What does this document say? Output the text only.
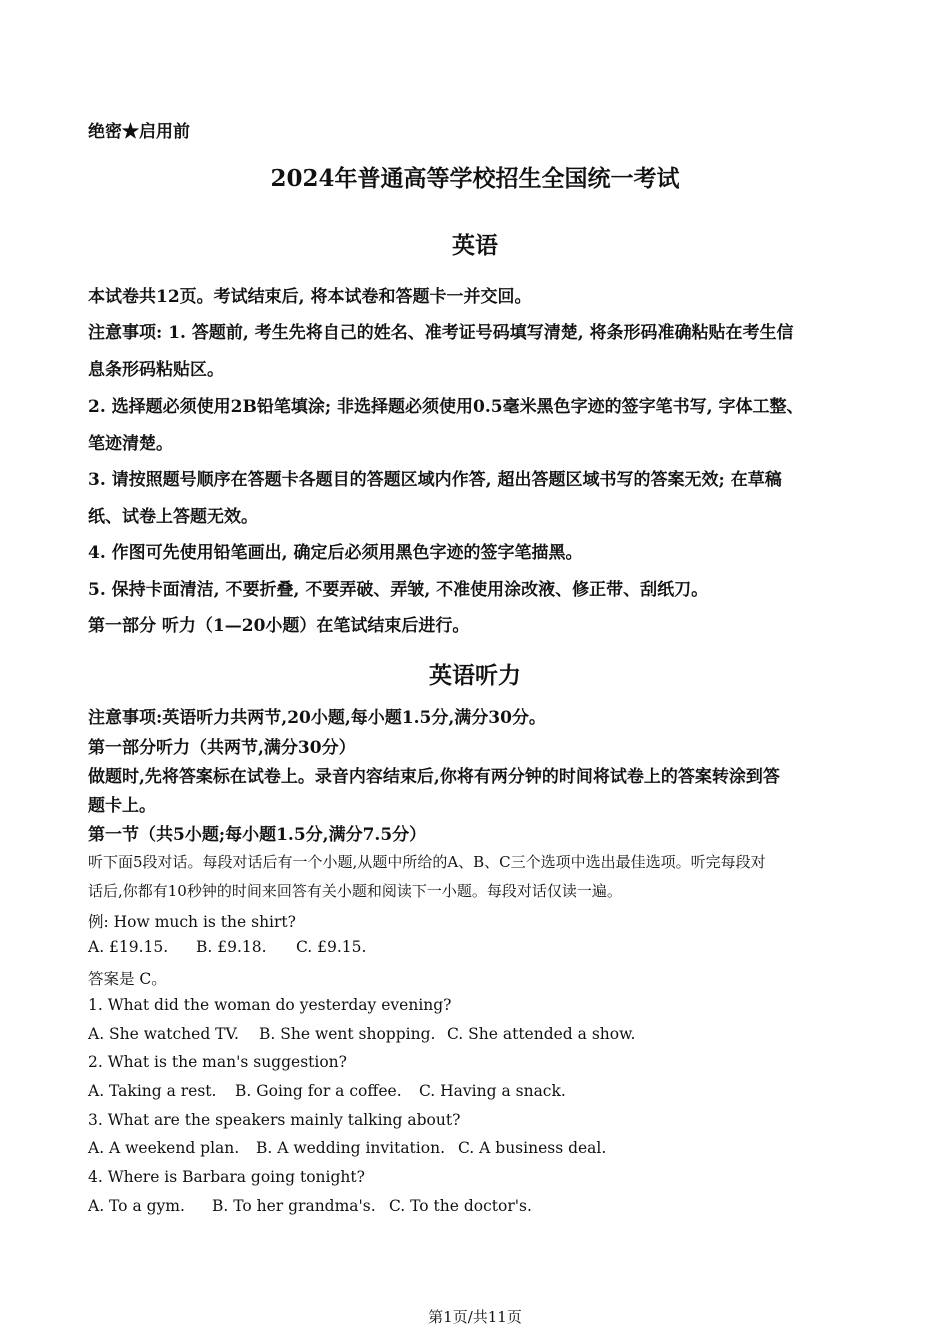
绝密★启用前
2024年普通高等学校招生全国统一考试
英语
本试卷共12页。考试结束后, 将本试卷和答题卡一并交回。
注意事项: 1. 答题前, 考生先将自己的姓名、准考证号码填写清楚, 将条形码准确粘贴在考生信
息条形码粘贴区。
2. 选择题必须使用2B铅笔填涂; 非选择题必须使用0.5毫米黑色字迹的签字笔书写, 字体工整、
笔迹清楚。
3. 请按照题号顺序在答题卡各题目的答题区域内作答, 超出答题区域书写的答案无效; 在草稿
纸、试卷上答题无效。
4. 作图可先使用铅笔画出, 确定后必须用黑色字迹的签字笔描黑。
5. 保持卡面清洁, 不要折叠, 不要弄破、弄皱, 不准使用涂改液、修正带、刮纸刀。
第一部分 听力（1—20小题）在笔试结束后进行。
英语听力
注意事项:英语听力共两节,20小题,每小题1.5分,满分30分。
第一部分听力（共两节,满分30分）
做题时,先将答案标在试卷上。录音内容结束后,你将有两分钟的时间将试卷上的答案转涂到答
题卡上。
第一节（共5小题;每小题1.5分,满分7.5分）
听下面5段对话。每段对话后有一个小题,从题中所给的A、B、C三个选项中选出最佳选项。听完每段对
话后,你都有10秒钟的时间来回答有关小题和阅读下一小题。每段对话仅读一遍。
例: How much is the shirt?
A. £19.15. B. £9.18. C. £9.15.
答案是 C。
1. What did the woman do yesterday evening?
A. She watched TV. B. She went shopping. C. She attended a show.
2. What is the man's suggestion?
A. Taking a rest. B. Going for a coffee. C. Having a snack.
3. What are the speakers mainly talking about?
A. A weekend plan. B. A wedding invitation. C. A business deal.
4. Where is Barbara going tonight?
A. To a gym. B. To her grandma's. C. To the doctor's.
第1页/共11页
